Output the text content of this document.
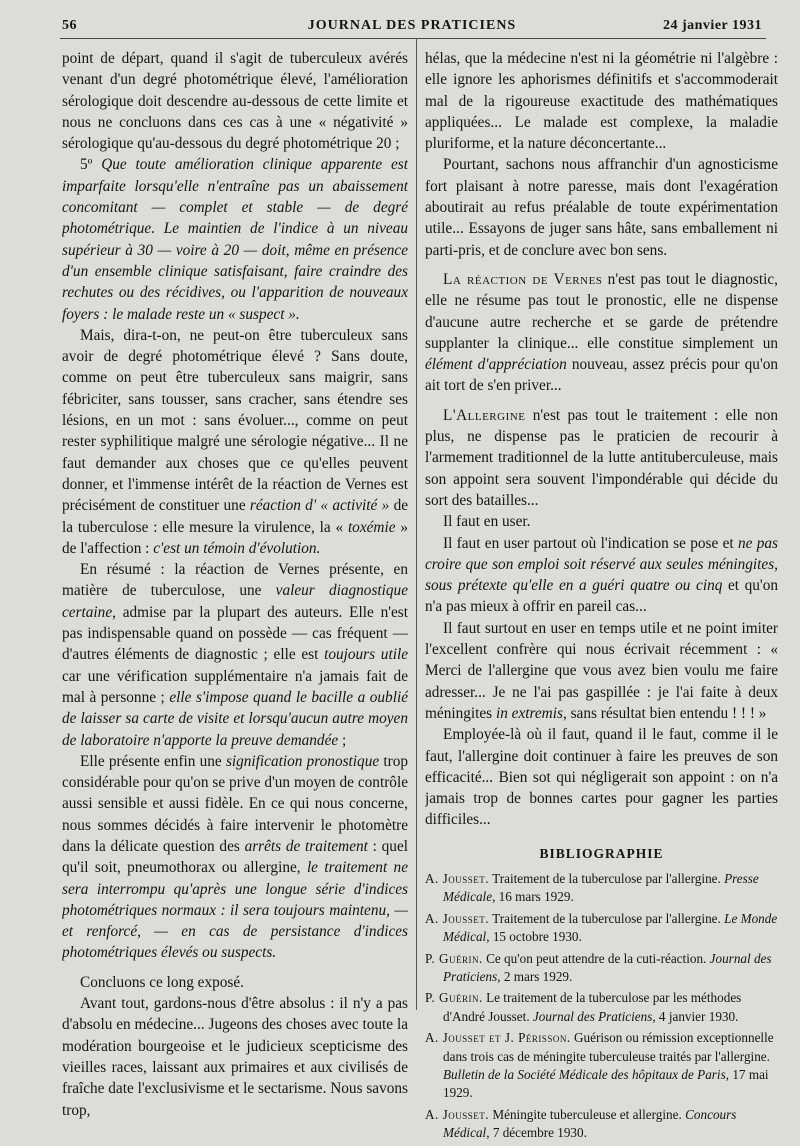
56	JOURNAL DES PRATICIENS	24 janvier 1931

point de départ, quand il s'agit de tuberculeux avérés venant d'un degré photométrique élevé, l'amélioration sérologique doit descendre au-dessous de cette limite et nous ne concluons dans ces cas à une « négativité » sérologique qu'au-dessous du degré photométrique 20 ;

5º Que toute amélioration clinique apparente est imparfaite lorsqu'elle n'entraîne pas un abaissement concomitant — complet et stable — de degré photométrique. Le maintien de l'indice à un niveau supérieur à 30 — voire à 20 — doit, même en présence d'un ensemble clinique satisfaisant, faire craindre des rechutes ou des récidives, ou l'apparition de nouveaux foyers : le malade reste un « suspect ».

Mais, dira-t-on, ne peut-on être tuberculeux sans avoir de degré photométrique élevé ? Sans doute, comme on peut être tuberculeux sans maigrir, sans fébriciter, sans tousser, sans cracher, sans étendre ses lésions, en un mot : sans évoluer..., comme on peut rester syphilitique malgré une sérologie négative... Il ne faut demander aux choses que ce qu'elles peuvent donner, et l'immense intérêt de la réaction de Vernes est précisément de constituer une réaction d' « activité » de la tuberculose : elle mesure la virulence, la « toxémie » de l'affection : c'est un témoin d'évolution.

En résumé : la réaction de Vernes présente, en matière de tuberculose, une valeur diagnostique certaine, admise par la plupart des auteurs. Elle n'est pas indispensable quand on possède — cas fréquent — d'autres éléments de diagnostic ; elle est toujours utile car une vérification supplémentaire n'a jamais fait de mal à personne ; elle s'impose quand le bacille a oublié de laisser sa carte de visite et lorsqu'aucun autre moyen de laboratoire n'apporte la preuve demandée ;

Elle présente enfin une signification pronostique trop considérable pour qu'on se prive d'un moyen de contrôle aussi sensible et aussi fidèle. En ce qui nous concerne, nous sommes décidés à faire intervenir le photomètre dans la délicate question des arrêts de traitement : quel qu'il soit, pneumothorax ou allergine, le traitement ne sera interrompu qu'après une longue série d'indices photométriques normaux : il sera toujours maintenu, — et renforcé, — en cas de persistance d'indices photométriques élevés ou suspects.

Concluons ce long exposé.

Avant tout, gardons-nous d'être absolus : il n'y a pas d'absolu en médecine... Jugeons des choses avec toute la modération bourgeoise et le judicieux scepticisme des vieilles races, laissant aux primaires et aux civilisés de fraîche date l'exclusivisme et le sectarisme. Nous savons trop,

hélas, que la médecine n'est ni la géométrie ni l'algèbre : elle ignore les aphorismes définitifs et s'accommoderait mal de la rigoureuse exactitude des mathématiques appliquées... Le malade est complexe, la maladie pluriforme, et la nature déconcertante...

Pourtant, sachons nous affranchir d'un agnosticisme fort plaisant à notre paresse, mais dont l'exagération aboutirait au refus préalable de toute expérimentation utile... Essayons de juger sans hâte, sans emballement ni parti-pris, et de conclure avec bon sens.

La réaction de Vernes n'est pas tout le diagnostic, elle ne résume pas tout le pronostic, elle ne dispense d'aucune autre recherche et se garde de prétendre supplanter la clinique... elle constitue simplement un élément d'appréciation nouveau, assez précis pour qu'on ait tort de s'en priver...

L'Allergine n'est pas tout le traitement : elle non plus, ne dispense pas le praticien de recourir à l'armement traditionnel de la lutte antituberculeuse, mais son appoint sera souvent l'impondérable qui décide du sort des batailles...

Il faut en user.

Il faut en user partout où l'indication se pose et ne pas croire que son emploi soit réservé aux seules méningites, sous prétexte qu'elle en a guéri quatre ou cinq et qu'on n'a pas mieux à offrir en pareil cas...

Il faut surtout en user en temps utile et ne point imiter l'excellent confrère qui nous écrivait récemment : « Merci de l'allergine que vous avez bien voulu me faire adresser... Je ne l'ai pas gaspillée : je l'ai faite à deux méningites in extremis, sans résultat bien entendu ! ! ! »

Employée-là où il faut, quand il le faut, comme il le faut, l'allergine doit continuer à faire les preuves de son efficacité... Bien sot qui négligerait son appoint : on n'a jamais trop de bonnes cartes pour gagner les parties difficiles...

BIBLIOGRAPHIE

A. Jousset. Traitement de la tuberculose par l'allergine. Presse Médicale, 16 mars 1929.

A. Jousset. Traitement de la tuberculose par l'allergine. Le Monde Médical, 15 octobre 1930.

P. Guérin. Ce qu'on peut attendre de la cuti-réaction. Journal des Praticiens, 2 mars 1929.

P. Guérin. Le traitement de la tuberculose par les méthodes d'André Jousset. Journal des Praticiens, 4 janvier 1930.

A. Jousset et J. Périsson. Guérison ou rémission exceptionnelle dans trois cas de méningite tuberculeuse traités par l'allergine. Bulletin de la Société Médicale des hôpitaux de Paris, 17 mai 1929.

A. Jousset. Méningite tuberculeuse et allergine. Concours Médical, 7 décembre 1930.
